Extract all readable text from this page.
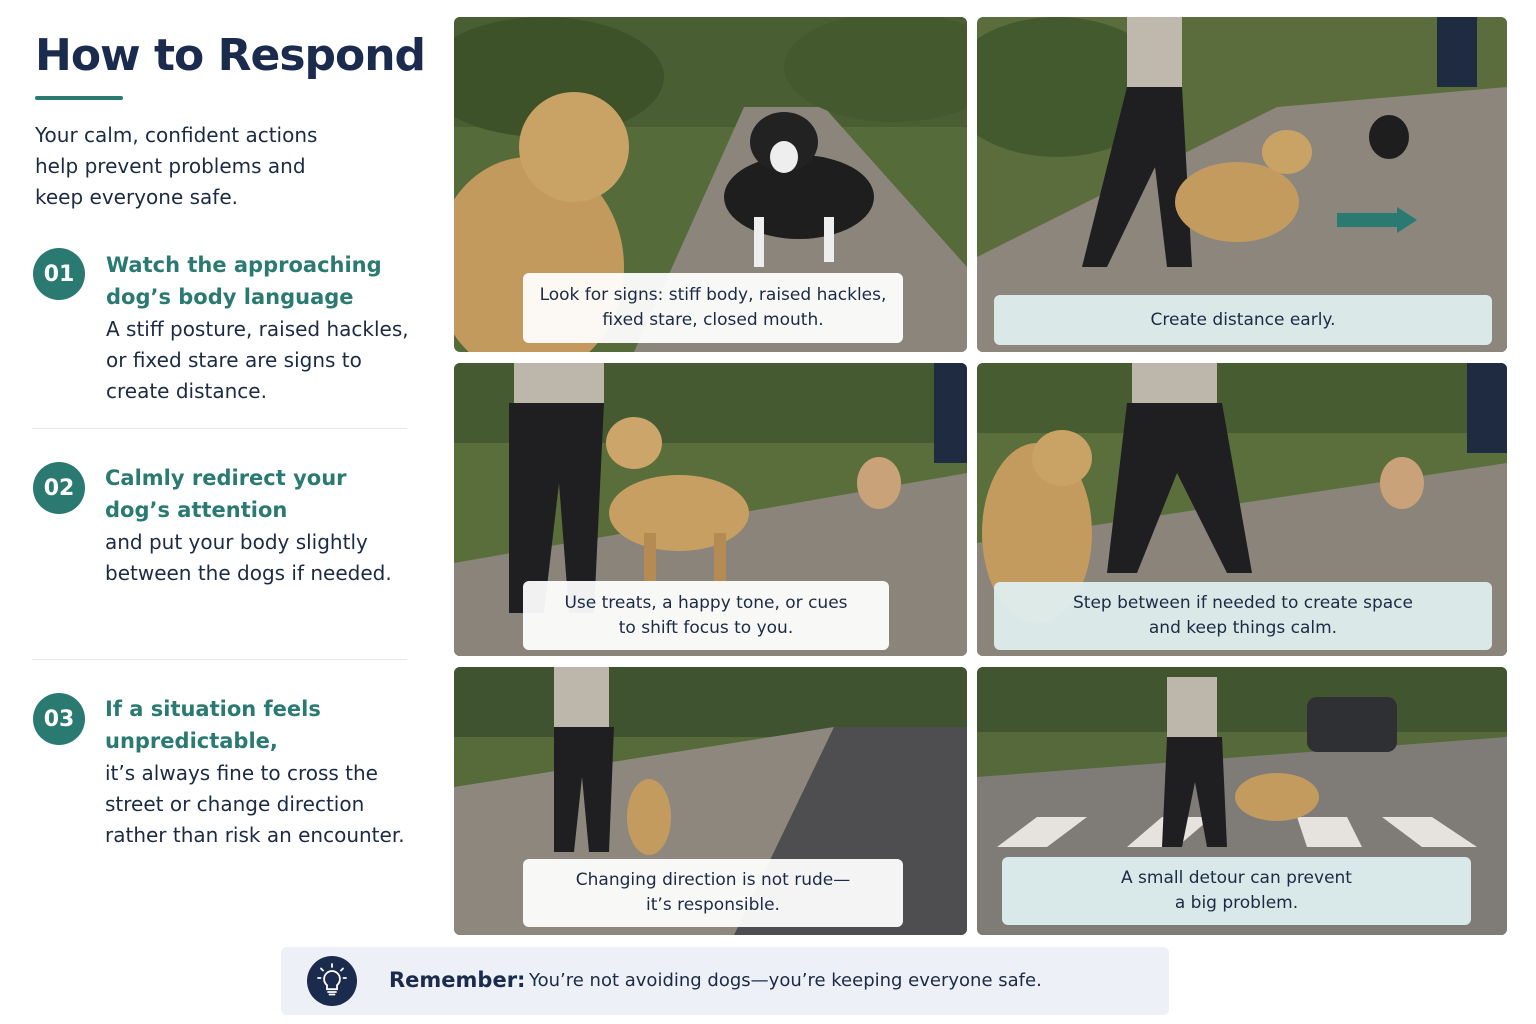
How to Respond

Your calm, confident actions help prevent problems and keep everyone safe.

01	Watch the approaching dog’s body language
A stiff posture, raised hackles, or fixed stare are signs to create distance.
02	Calmly redirect your dog’s attention
and put your body slightly between the dogs if needed.
03	If a situation feels unpredictable,
it’s always fine to cross the street or change direction rather than risk an encounter.
Look for signs: stiff body, raised hackles,
fixed stare, closed mouth.	Create distance early.
Use treats, a happy tone, or cues
to shift focus to you.
Step between if needed to create space
and keep things calm.
Changing direction is not rude—
it’s responsible.
A small detour can prevent
a big problem.
Remember: You’re not avoiding dogs—you’re keeping everyone safe.
